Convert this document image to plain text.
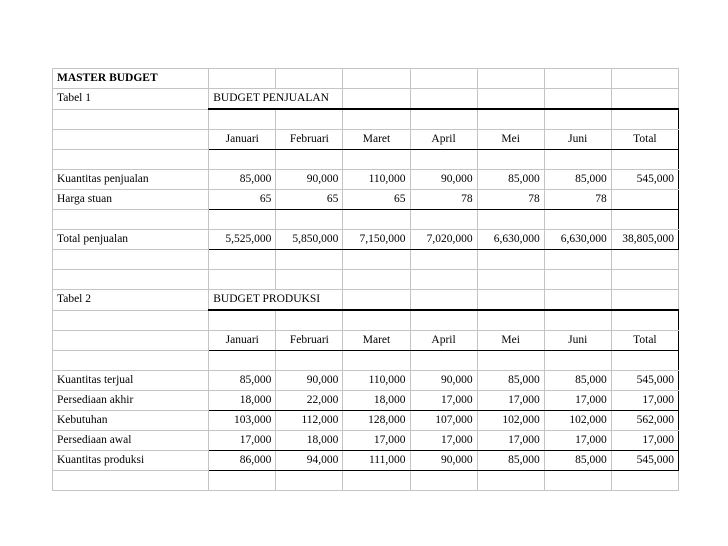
MASTER BUDGET							
Tabel 1	BUDGET PENJUALAN						

	Januari	Februari	Maret	April	Mei	Juni	Total

Kuantitas penjualan	85,000	90,000	110,000	90,000	85,000	85,000	545,000
Harga stuan	65	65	65	78	78	78	

Total penjualan	5,525,000	5,850,000	7,150,000	7,020,000	6,630,000	6,630,000	38,805,000

Tabel 2	BUDGET PRODUKSI						

	Januari	Februari	Maret	April	Mei	Juni	Total

Kuantitas terjual	85,000	90,000	110,000	90,000	85,000	85,000	545,000
Persediaan akhir	18,000	22,000	18,000	17,000	17,000	17,000	17,000
Kebutuhan	103,000	112,000	128,000	107,000	102,000	102,000	562,000
Persediaan awal	17,000	18,000	17,000	17,000	17,000	17,000	17,000
Kuantitas produksi	86,000	94,000	111,000	90,000	85,000	85,000	545,000
